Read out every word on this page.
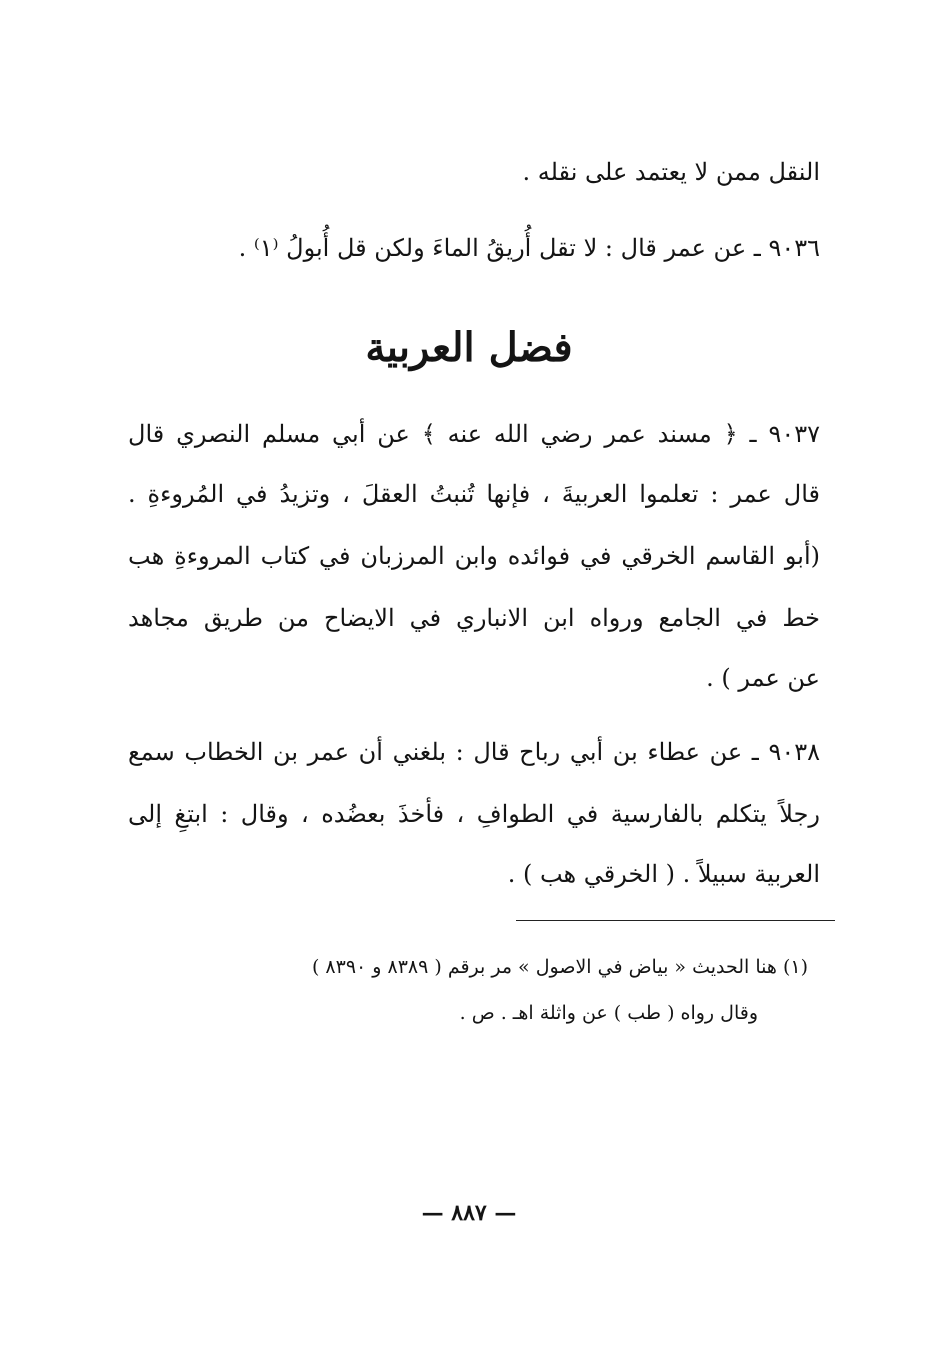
النقل ممن لا يعتمد على نقله .
٩٠٣٦ ـ عن عمر قال : لا تقل أُريقُ الماءَ ولكن قل أُبولُ ⁽١⁾ .
فضل العربية
٩٠٣٧ ـ ﴿ مسند عمر رضي الله عنه ﴾ عن أبي مسلم النصري قال
قال عمر : تعلموا العربيةَ ، فإنها تُنبتُ العقلَ ، وتزيدُ في المُروءةِ .
(أبو القاسم الخرقي في فوائده وابن المرزبان في كتاب المروءةِ هب
خط في الجامع ورواه ابن الانباري في الايضاح من طريق مجاهد
عن عمر ) .
٩٠٣٨ ـ عن عطاء بن أبي رباح قال : بلغني أن عمر بن الخطاب سمع
رجلاً يتكلم بالفارسية في الطوافِ ، فأخذَ بعضُده ، وقال : ابتغِ إلى
العربية سبيلاً . ( الخرقي هب ) .
(١) هنا الحديث « بياض في الاصول » مر برقم ( ٨٣٨٩ و ٨٣٩٠ )
وقال رواه ( طب ) عن واثلة اهـ . ص .
— ٨٨٧ —
